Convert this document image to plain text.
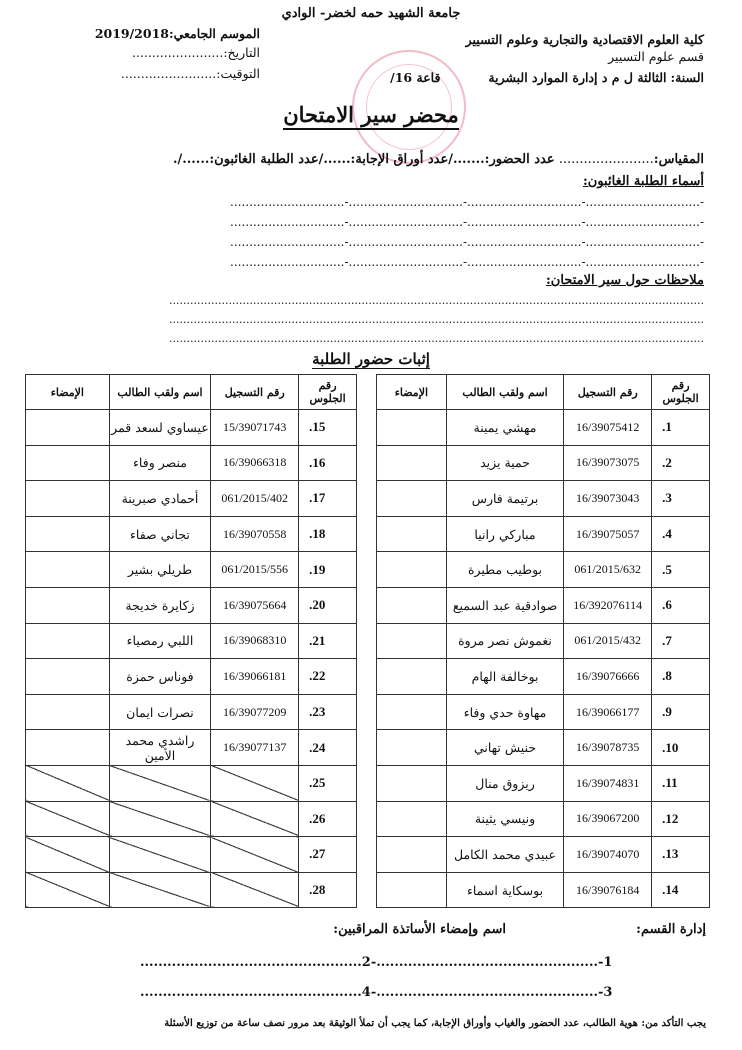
جامعة الشهيد حمه لخضر- الوادي
كلية العلوم الاقتصادية والتجارية وعلوم التسيير
قسم علوم التسيير
السنة: الثالثة ل م د إدارة الموارد البشرية  قاعة 16/
الموسم الجامعي:2019/2018
التاريخ:.......................
التوقيت:........................
محضر سير الامتحان
المقياس:....................... عدد الحضور:......./عدد أوراق الإجابة:....../عدد الطلبة الغائبون:....../.
أسماء الطلبة الغائبون:
-..............................-..............................-..............................-..............................
-..............................-..............................-..............................-..............................
-..............................-..............................-..............................-..............................
-..............................-..............................-..............................-..............................
ملاحظات حول سير الامتحان:
.........................................................................................................................................................
.........................................................................................................................................................
.........................................................................................................................................................
إثبات حضور الطلبة
رقم الجلوس	رقم التسجيل	اسم ولقب الطالب	الإمضاء
1.	16/39075412	مهشي يمينة	
2.	16/39073075	حمية يزيد	
3.	16/39073043	برتيمة فارس	
4.	16/39075057	مباركي رانيا	
5.	061/2015/632	بوطيب مطيرة	
6.	16/392076114	صوادقية عبد السميع	
7.	061/2015/432	نغموش نصر مروة	
8.	16/39076666	بوخالفة الهام	
9.	16/39066177	مهاوة حدي وفاء	
10.	16/39078735	حنيش تهاني	
11.	16/39074831	ريزوق منال	
12.	16/39067200	ونيسي يثينة	
13.	16/39074070	عبيدي محمد الكامل	
14.	16/39076184	بوسكاية اسماء	
رقم الجلوس	رقم التسجيل	اسم ولقب الطالب	الإمضاء
15.	15/39071743	عيساوي لسعد قمر	
16.	16/39066318	منصر وفاء	
17.	061/2015/402	أحمادي صبرينة	
18.	16/39070558	تجاني صفاء	
19.	061/2015/556	طريلي بشير	
20.	16/39075664	زكايرة خديجة	
21.	16/39068310	اللبي رمصياء	
22.	16/39066181	فوناس حمزة	
23.	16/39077209	نصرات ايمان	
24.	16/39077137	راشدي محمد الأمين	
25.			
26.			
27.			
28.			
إدارة القسم:
اسم وإمضاء الأساتذة المراقبين:
1-.................................................-2.................................................
3-.................................................-4.................................................
يجب التأكد من: هوية الطالب، عدد الحضور والغياب وأوراق الإجابة، كما يجب أن تملأ الوثيقة بعد مرور نصف ساعة من توزيع الأسئلة
